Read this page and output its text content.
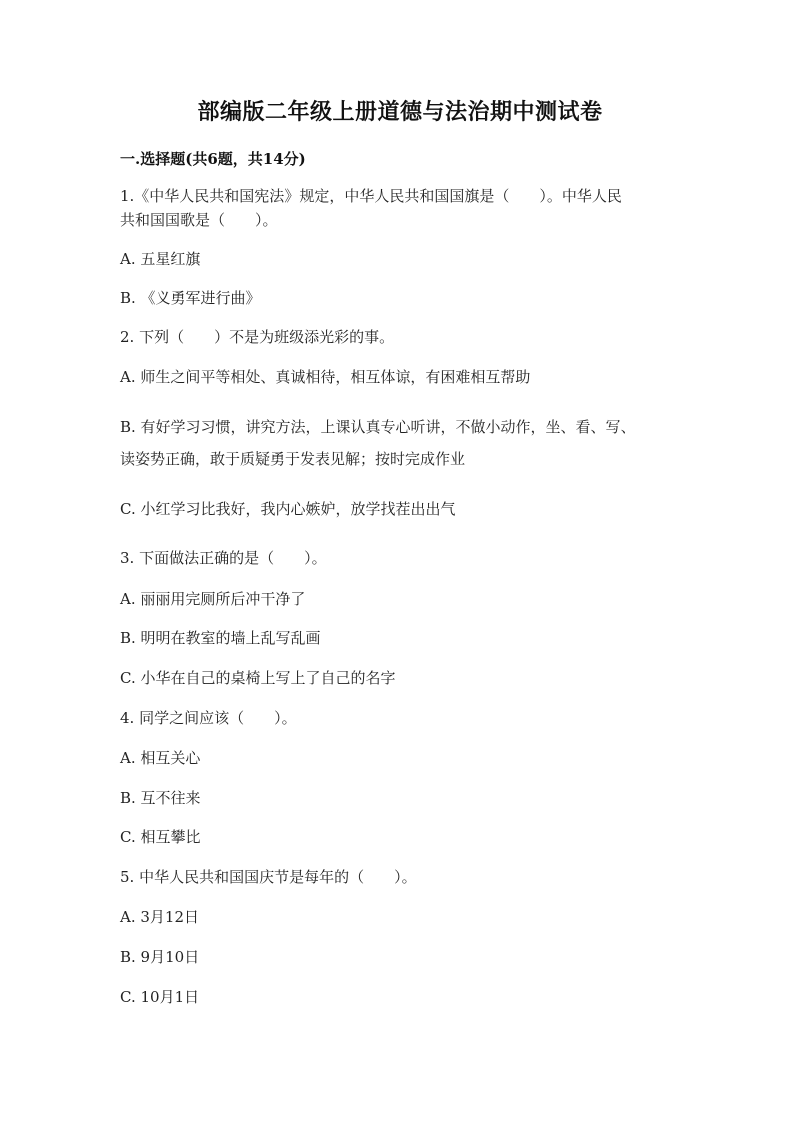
部编版二年级上册道德与法治期中测试卷
一.选择题(共6题，共14分)
1.《中华人民共和国宪法》规定，中华人民共和国国旗是（　　）。中华人民
共和国国歌是（　　）。
A. 五星红旗
B. 《义勇军进行曲》
2. 下列（　　）不是为班级添光彩的事。
A. 师生之间平等相处、真诚相待，相互体谅，有困难相互帮助
B. 有好学习习惯，讲究方法，上课认真专心听讲，不做小动作，坐、看、写、
读姿势正确，敢于质疑勇于发表见解；按时完成作业
C. 小红学习比我好，我内心嫉妒，放学找茬出出气
3. 下面做法正确的是（　　）。
A. 丽丽用完厕所后冲干净了
B. 明明在教室的墙上乱写乱画
C. 小华在自己的桌椅上写上了自己的名字
4. 同学之间应该（　　）。
A. 相互关心
B. 互不往来
C. 相互攀比
5. 中华人民共和国国庆节是每年的（　　）。
A. 3月12日
B. 9月10日
C. 10月1日
